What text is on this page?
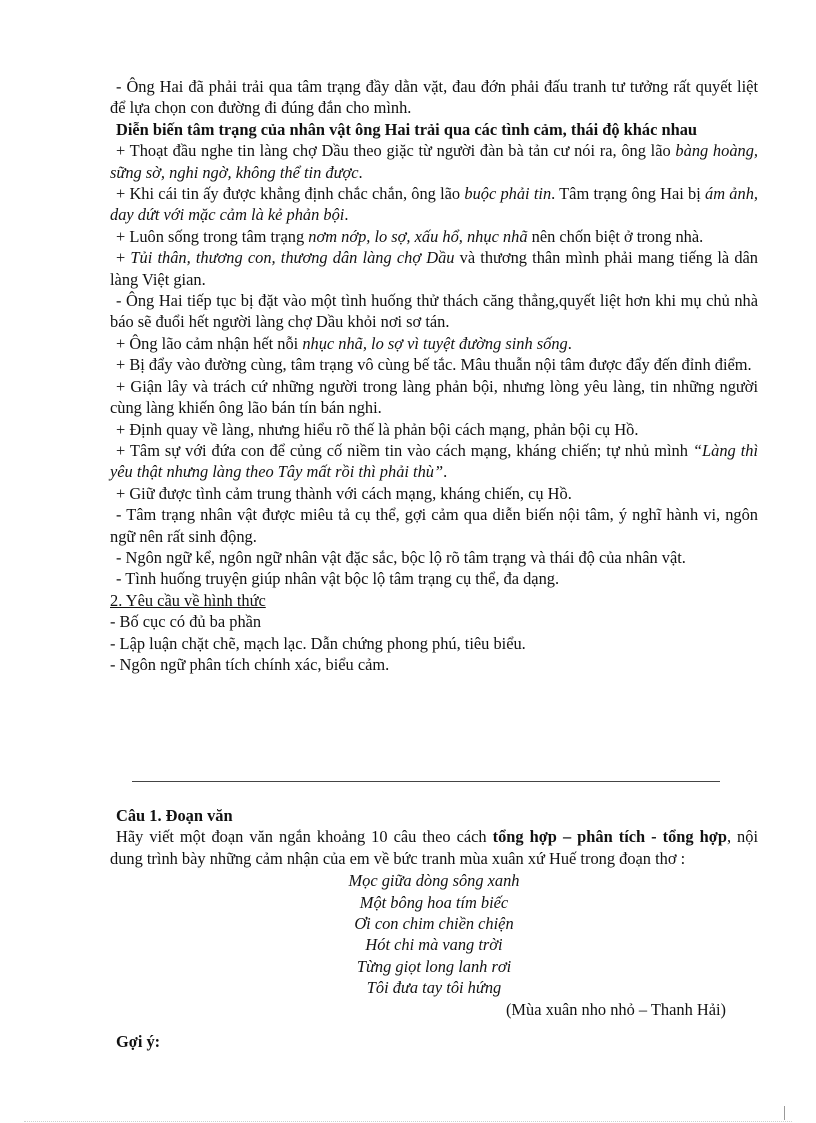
- Ông Hai đã phải trải qua tâm trạng đầy dằn vặt, đau đớn phải đấu tranh tư tưởng rất quyết liệt để lựa chọn con đường đi đúng đắn cho mình.

Diễn biến tâm trạng của nhân vật ông Hai trải qua các tình cảm, thái độ khác nhau

+ Thoạt đầu nghe tin làng chợ Dầu theo giặc từ người đàn bà tản cư nói ra, ông lão bàng hoàng, sững sờ, nghi ngờ, không thể tin được.

+ Khi cái tin ấy được khẳng định chắc chắn, ông lão buộc phải tin. Tâm trạng ông Hai bị ám ảnh, day dứt với mặc cảm là kẻ phản bội.

+ Luôn sống trong tâm trạng nơm nớp, lo sợ, xấu hổ, nhục nhã nên chốn biệt ở trong nhà.

+ Tủi thân, thương con, thương dân làng chợ Dầu và thương thân mình phải mang tiếng là dân làng Việt gian.

- Ông Hai tiếp tục bị đặt vào một tình huống thử thách căng thẳng,quyết liệt hơn khi mụ chủ nhà báo sẽ đuổi hết người làng chợ Dầu khỏi nơi sơ tán.

+ Ông lão cảm nhận hết nỗi nhục nhã, lo sợ vì tuyệt đường sinh sống.

+ Bị đẩy vào đường cùng, tâm trạng vô cùng bế tắc. Mâu thuẫn nội tâm được đẩy đến đỉnh điểm.

+ Giận lây và trách cứ những người trong làng phản bội, nhưng lòng yêu làng, tin những người cùng làng khiến ông lão bán tín bán nghi.

+ Định quay về làng, nhưng hiểu rõ thế là phản bội cách mạng, phản bội cụ Hồ.

+ Tâm sự với đứa con để củng cố niềm tin vào cách mạng, kháng chiến; tự nhủ mình “Làng thì yêu thật nhưng làng theo Tây mất rồi thì phải thù”.

+ Giữ được tình cảm trung thành với cách mạng, kháng chiến, cụ Hồ.

- Tâm trạng nhân vật được miêu tả cụ thể, gợi cảm qua diễn biến nội tâm, ý nghĩ hành vi, ngôn ngữ nên rất sinh động.

- Ngôn ngữ kể, ngôn ngữ nhân vật đặc sắc, bộc lộ rõ tâm trạng và thái độ của nhân vật.

- Tình huống truyện giúp nhân vật bộc lộ tâm trạng cụ thể, đa dạng.

2. Yêu cầu về hình thức

- Bố cục có đủ ba phần

- Lập luận chặt chẽ, mạch lạc. Dẫn chứng phong phú, tiêu biểu.

- Ngôn ngữ phân tích chính xác, biểu cảm.

Câu 1. Đoạn văn

Hãy viết một đoạn văn ngắn khoảng 10 câu theo cách tổng hợp – phân tích - tổng hợp, nội dung trình bày những cảm nhận của em về bức tranh mùa xuân xứ Huế trong đoạn thơ :

Mọc giữa dòng sông xanh
Một bông hoa tím biếc
Ơi con chim chiền chiện
Hót chi mà vang trời
Từng giọt long lanh rơi
Tôi đưa tay tôi hứng
(Mùa xuân nho nhỏ – Thanh Hải)
Gợi ý:
